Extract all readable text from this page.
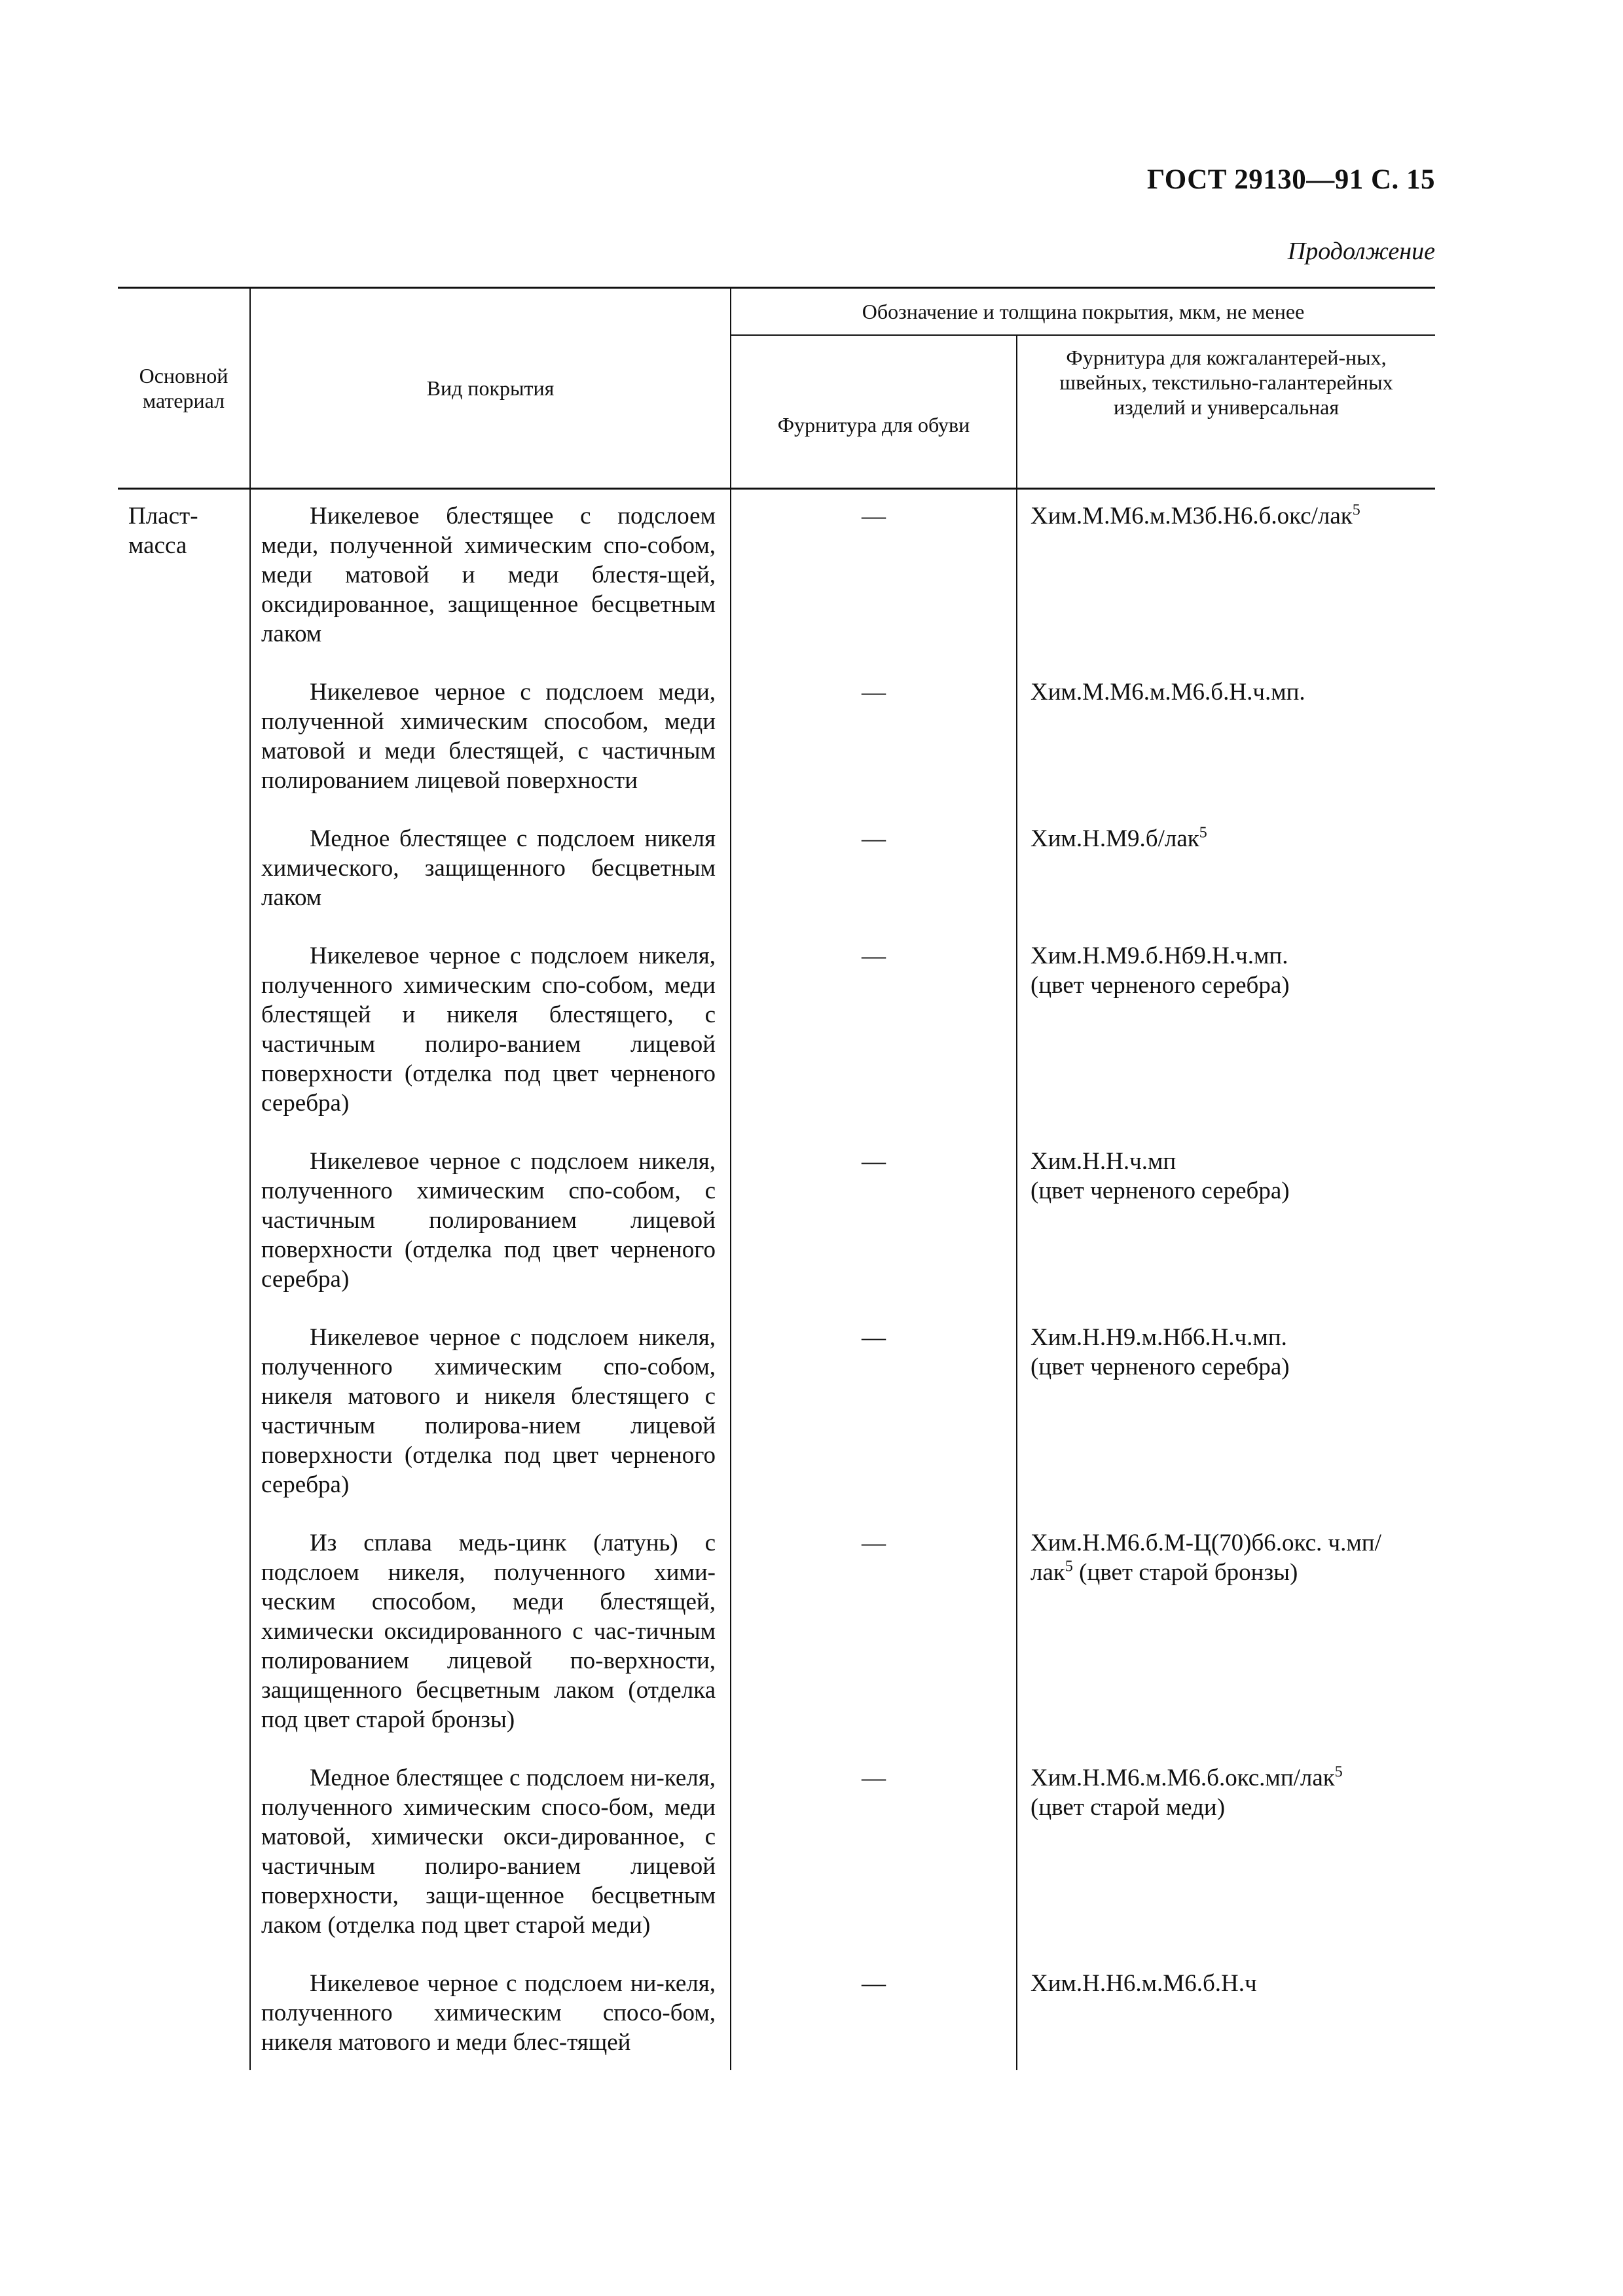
ГОСТ 29130—91 С. 15
Продолжение
Основной материал	Вид покрытия	Обозначение и толщина покрытия, мкм, не менее	
		Фурнитура для обуви	Фурнитура для кожгалантерей-ных, швейных, текстильно-галантерейных изделий и универсальная
Пласт-масса	Никелевое блестящее с подслоем меди, полученной химическим спо-собом, меди матовой и меди блестя-щей, оксидированное, защищенное бесцветным лаком	—	Хим.М.М6.м.М3б.Н6.б.окс/лак$^5$
	Никелевое черное с подслоем меди, полученной химическим способом, меди матовой и меди блестящей, с частичным полированием лицевой поверхности	—	Хим.М.М6.м.М6.б.Н.ч.мп.
	Медное блестящее с подслоем никеля химического, защищенного бесцветным лаком	—	Хим.Н.М9.б/лак$^5$
	Никелевое черное с подслоем никеля, полученного химическим спо-собом, меди блестящей и никеля блестящего, с частичным полиро-ванием лицевой поверхности (отделка под цвет черненого серебра)	—	Хим.Н.М9.б.Нб9.Н.ч.мп.
(цвет черненого серебра)
	Никелевое черное с подслоем никеля, полученного химическим спо-собом, с частичным полированием лицевой поверхности (отделка под цвет черненого серебра)	—	Хим.Н.Н.ч.мп
(цвет черненого серебра)
	Никелевое черное с подслоем никеля, полученного химическим спо-собом, никеля матового и никеля блестящего с частичным полирова-нием лицевой поверхности (отделка под цвет черненого серебра)	—	Хим.Н.Н9.м.Нб6.Н.ч.мп.
(цвет черненого серебра)
	Из сплава медь-цинк (латунь) с подслоем никеля, полученного хими-ческим способом, меди блестящей, химически оксидированного с час-тичным полированием лицевой по-верхности, защищенного бесцветным лаком (отделка под цвет старой бронзы)	—	Хим.Н.М6.б.М-Ц(70)б6.окс. ч.мп/лак$^5$ (цвет старой бронзы)
	Медное блестящее с подслоем ни-келя, полученного химическим спосо-бом, меди матовой, химически окси-дированное, с частичным полиро-ванием лицевой поверхности, защи-щенное бесцветным лаком (отделка под цвет старой меди)	—	Хим.Н.М6.м.М6.б.окс.мп/лак$^5$
(цвет старой меди)
	Никелевое черное с подслоем ни-келя, полученного химическим спосо-бом, никеля матового и меди блес-тящей	—	Хим.Н.Н6.м.М6.б.Н.ч
